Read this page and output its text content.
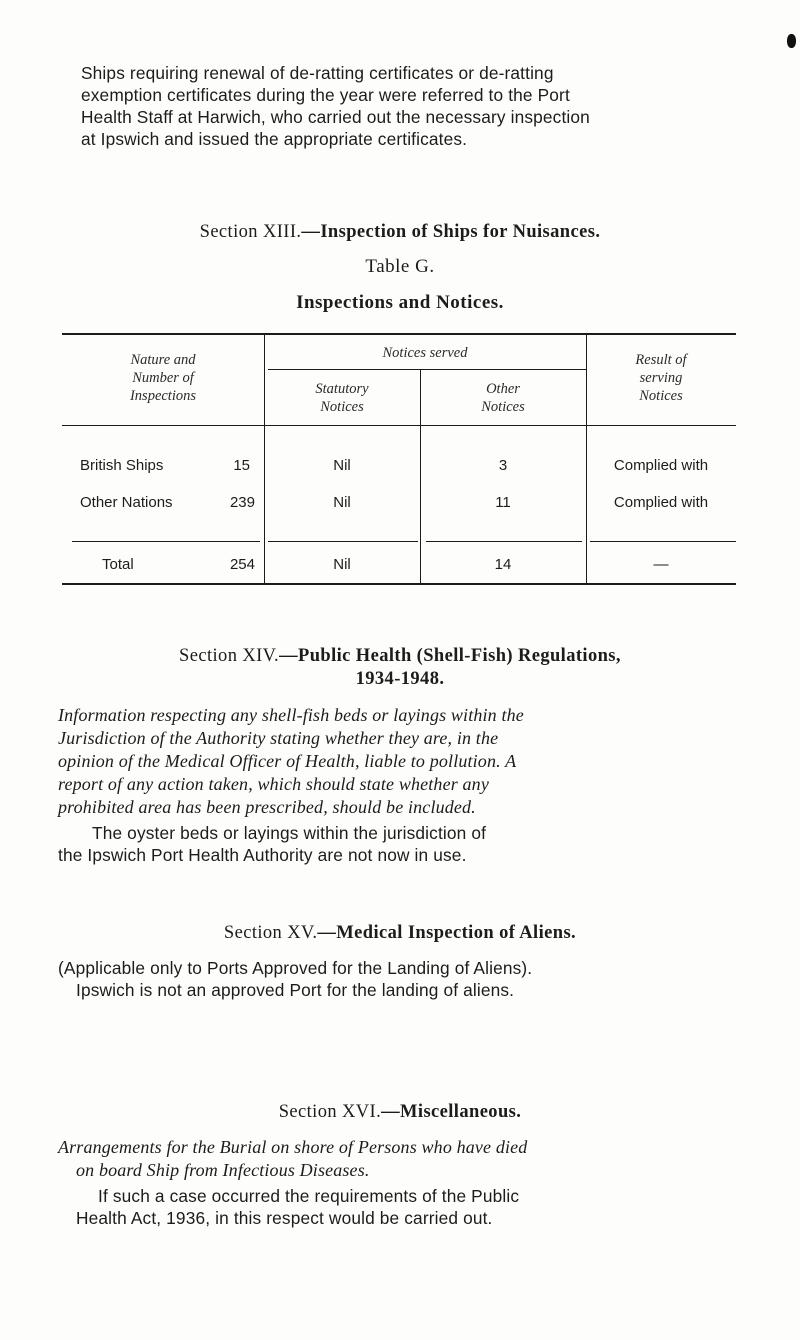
Ships requiring renewal of de-ratting certificates or de-ratting
exemption certificates during the year were referred to the Port
Health Staff at Harwich, who carried out the necessary inspection
at Ipswich and issued the appropriate certificates.
Section XIII.—Inspection of Ships for Nuisances.
Table G.
Inspections and Notices.
Nature and
Number of
Inspections
Notices served
Statutory
Notices
Other
Notices
Result of
serving
Notices
British Ships	15	Nil	3	Complied with
Other Nations	239	Nil	11	Complied with
Total	254	Nil	14	—
Section XIV.—Public Health (Shell-Fish) Regulations,
1934-1948.
Information respecting any shell-fish beds or layings within the
Jurisdiction of the Authority stating whether they are, in the
opinion of the Medical Officer of Health, liable to pollution. A
report of any action taken, which should state whether any
prohibited area has been prescribed, should be included.
The oyster beds or layings within the jurisdiction of
the Ipswich Port Health Authority are not now in use.
Section XV.—Medical Inspection of Aliens.
(Applicable only to Ports Approved for the Landing of Aliens).
Ipswich is not an approved Port for the landing of aliens.
Section XVI.—Miscellaneous.
Arrangements for the Burial on shore of Persons who have died
on board Ship from Infectious Diseases.
If such a case occurred the requirements of the Public
Health Act, 1936, in this respect would be carried out.
